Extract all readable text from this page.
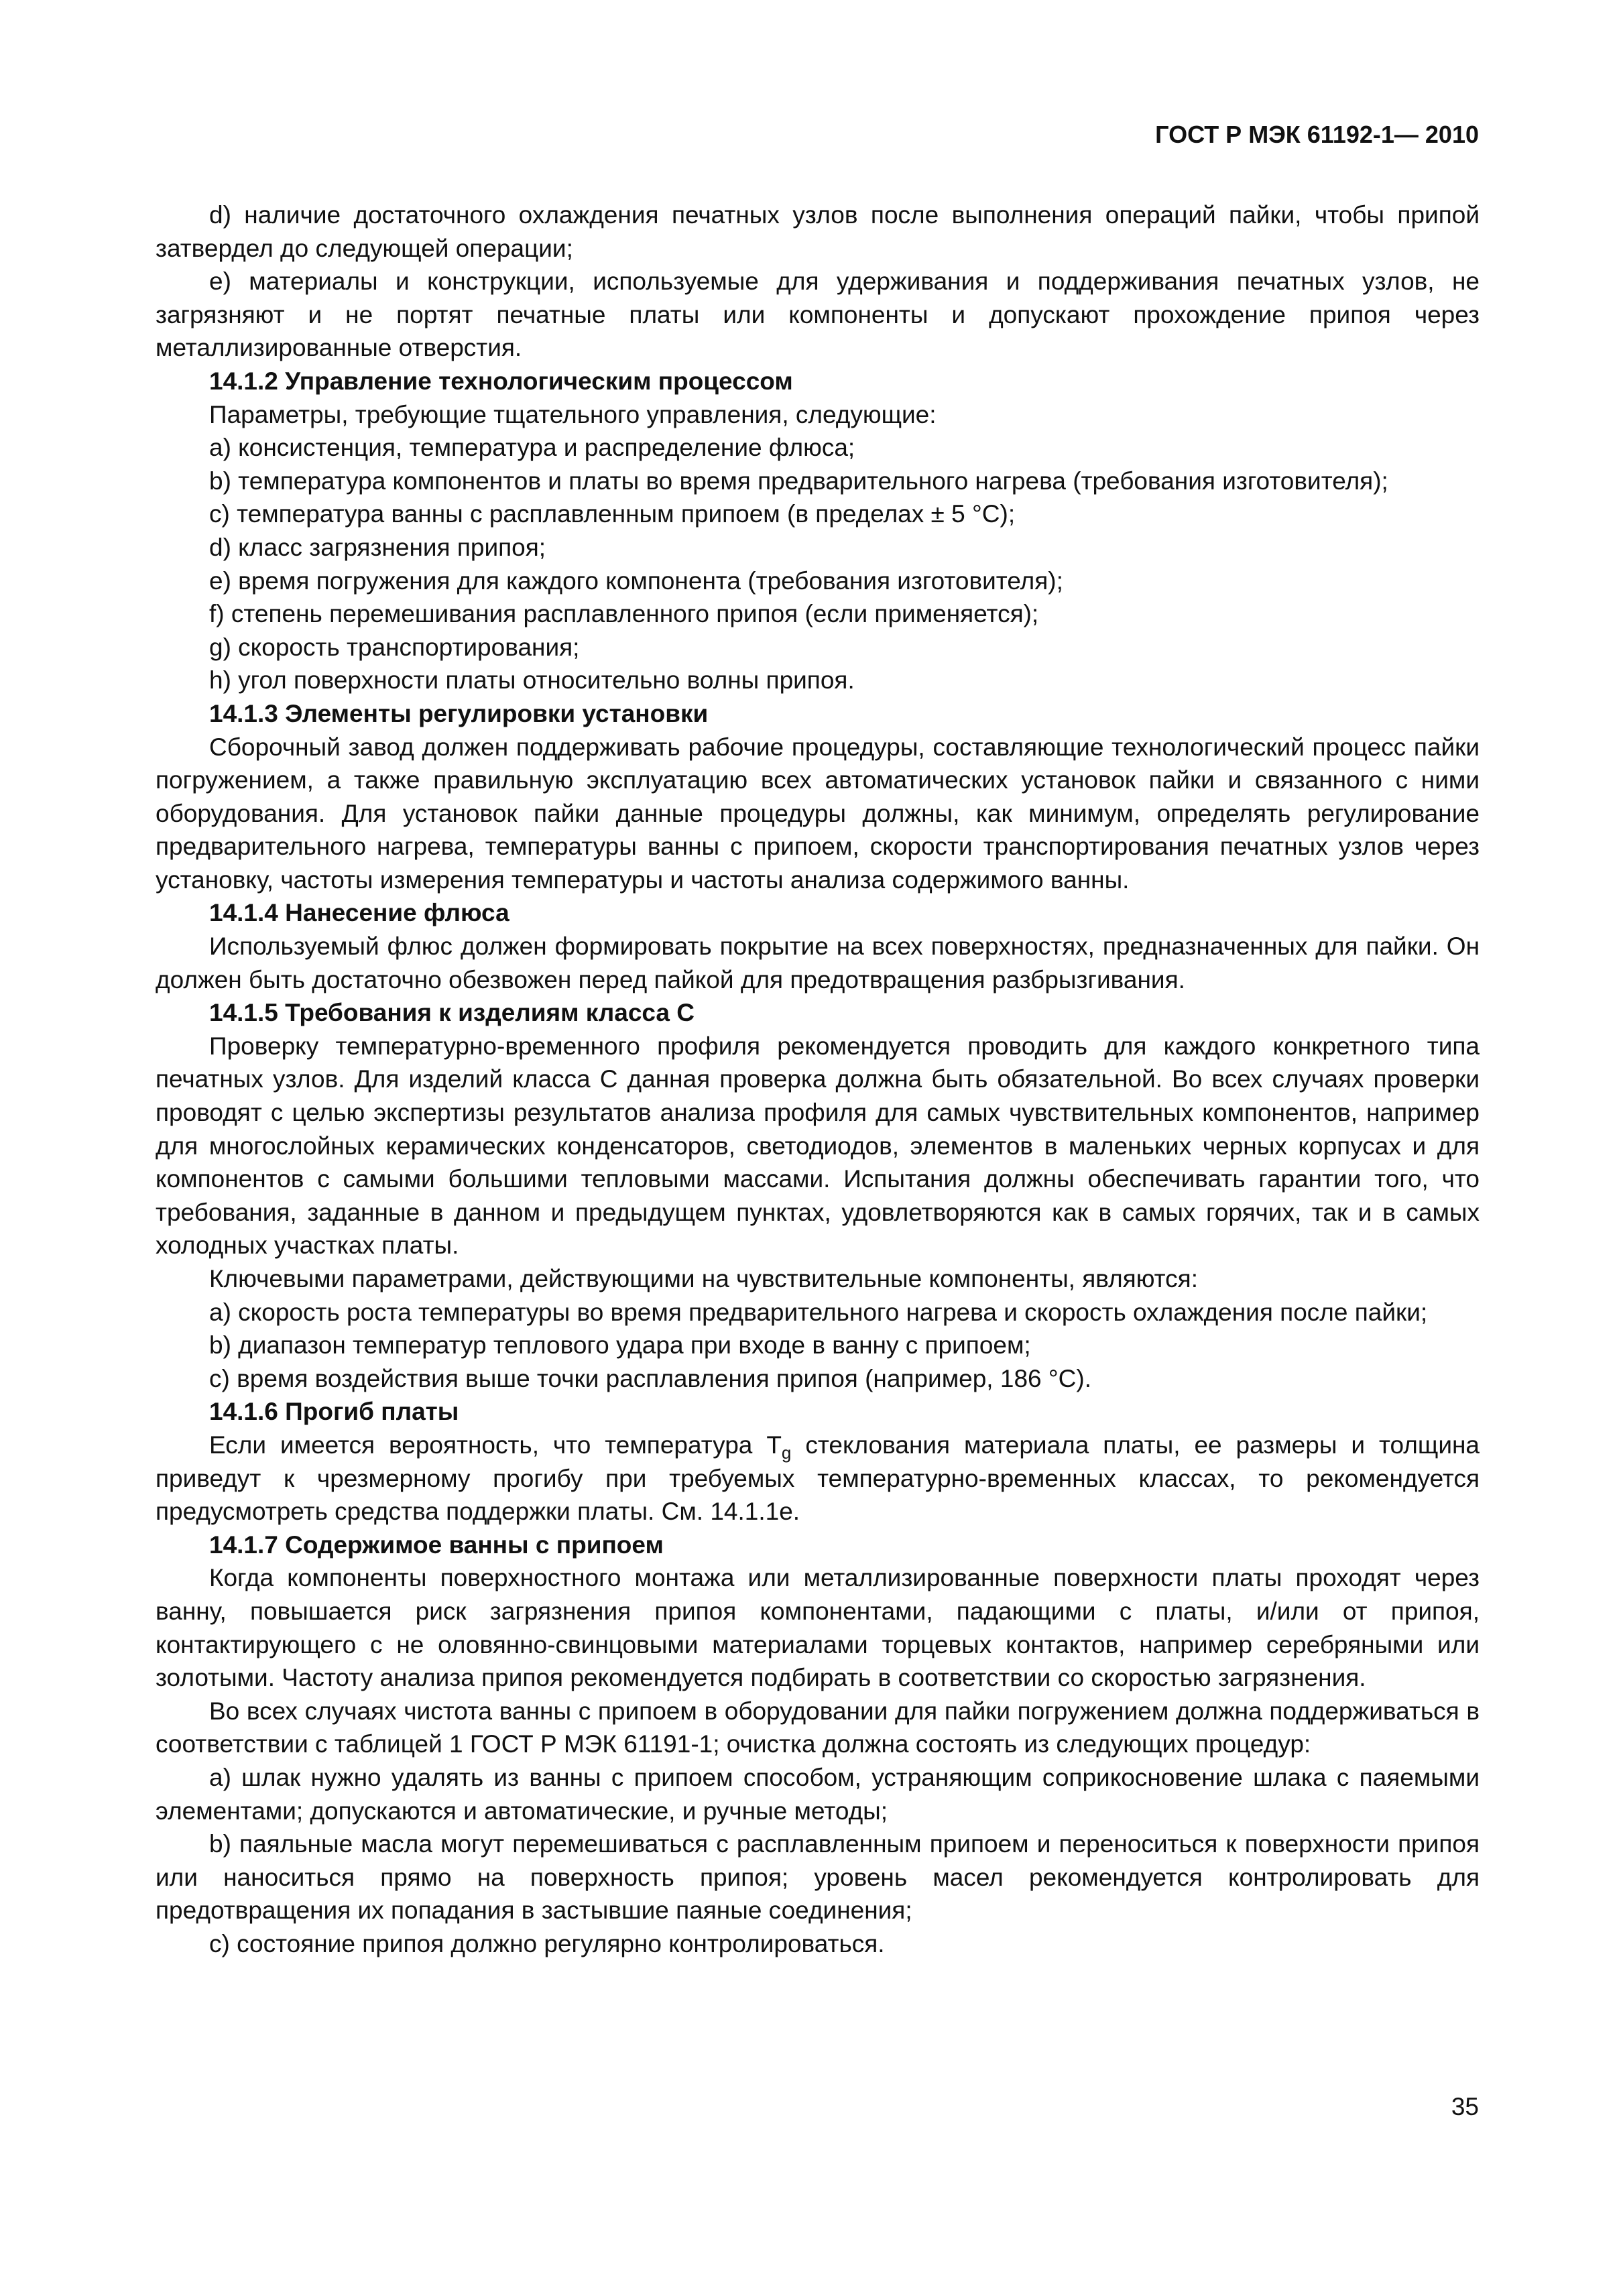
ГОСТ Р МЭК 61192-1— 2010

d) наличие достаточного охлаждения печатных узлов после выполнения операций пайки, чтобы припой затвердел до следующей операции;

e) материалы и конструкции, используемые для удерживания и поддерживания печатных узлов, не загрязняют и не портят печатные платы или компоненты и допускают прохождение припоя через металлизированные отверстия.

14.1.2 Управление технологическим процессом

Параметры, требующие тщательного управления, следующие:

a) консистенция, температура и распределение флюса;

b) температура компонентов и платы во время предварительного нагрева (требования изготовителя);

c) температура ванны с расплавленным припоем (в пределах ± 5 °С);

d) класс загрязнения припоя;

e) время погружения для каждого компонента (требования изготовителя);

f) степень перемешивания расплавленного припоя (если применяется);

g) скорость транспортирования;

h) угол поверхности платы относительно волны припоя.

14.1.3 Элементы регулировки установки

Сборочный завод должен поддерживать рабочие процедуры, составляющие технологический процесс пайки погружением, а также правильную эксплуатацию всех автоматических установок пайки и связанного с ними оборудования. Для установок пайки данные процедуры должны, как минимум, определять регулирование предварительного нагрева, температуры ванны с припоем, скорости транспортирования печатных узлов через установку, частоты измерения температуры и частоты анализа содержимого ванны.

14.1.4 Нанесение флюса

Используемый флюс должен формировать покрытие на всех поверхностях, предназначенных для пайки. Он должен быть достаточно обезвожен перед пайкой для предотвращения разбрызгивания.

14.1.5 Требования к изделиям класса С

Проверку температурно-временного профиля рекомендуется проводить для каждого конкретного типа печатных узлов. Для изделий класса С данная проверка должна быть обязательной. Во всех случаях проверки проводят с целью экспертизы результатов анализа профиля для самых чувствительных компонентов, например для многослойных керамических конденсаторов, светодиодов, элементов в маленьких черных корпусах и для компонентов с самыми большими тепловыми массами. Испытания должны обеспечивать гарантии того, что требования, заданные в данном и предыдущем пунктах, удовлетворяются как в самых горячих, так и в самых холодных участках платы.

Ключевыми параметрами, действующими на чувствительные компоненты, являются:

a) скорость роста температуры во время предварительного нагрева и скорость охлаждения после пайки;

b) диапазон температур теплового удара при входе в ванну с припоем;

c) время воздействия выше точки расплавления припоя (например, 186 °С).

14.1.6 Прогиб платы

Если имеется вероятность, что температура $T_g$ стеклования материала платы, ее размеры и толщина приведут к чрезмерному прогибу при требуемых температурно-временных классах, то рекомендуется предусмотреть средства поддержки платы. См. 14.1.1е.

14.1.7 Содержимое ванны с припоем

Когда компоненты поверхностного монтажа или металлизированные поверхности платы проходят через ванну, повышается риск загрязнения припоя компонентами, падающими с платы, и/или от припоя, контактирующего с не оловянно-свинцовыми материалами торцевых контактов, например серебряными или золотыми. Частоту анализа припоя рекомендуется подбирать в соответствии со скоростью загрязнения.

Во всех случаях чистота ванны с припоем в оборудовании для пайки погружением должна поддерживаться в соответствии с таблицей 1 ГОСТ Р МЭК 61191-1; очистка должна состоять из следующих процедур:

a) шлак нужно удалять из ванны с припоем способом, устраняющим соприкосновение шлака с паяемыми элементами; допускаются и автоматические, и ручные методы;

b) паяльные масла могут перемешиваться с расплавленным припоем и переноситься к поверхности припоя или наноситься прямо на поверхность припоя; уровень масел рекомендуется контролировать для предотвращения их попадания в застывшие паяные соединения;

c) состояние припоя должно регулярно контролироваться.

35
